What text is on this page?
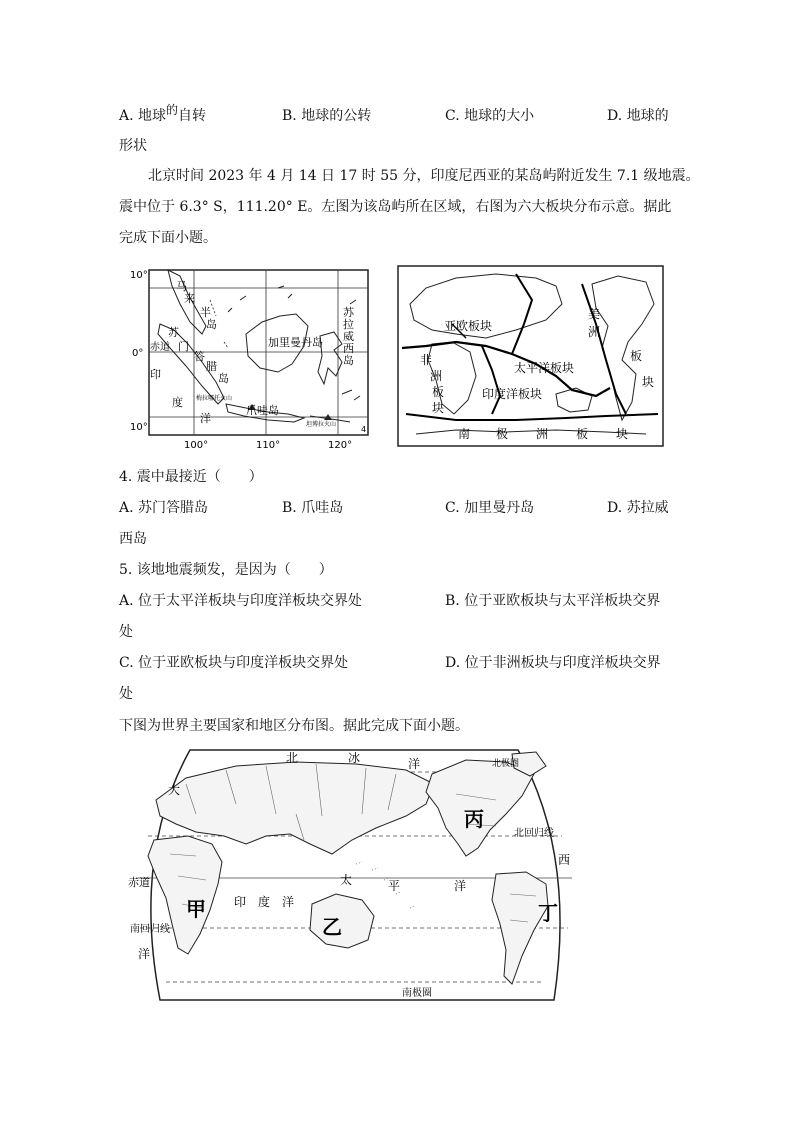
A. 地球的自转	B. 地球的公转	C. 地球的大小	D. 地球的
形状
北京时间 2023 年 4 月 14 日 17 时 55 分，印度尼西亚的某岛屿附近发生 7.1 级地震。
震中位于 6.3° S，111.20° E。左图为该岛屿所在区域，右图为六大板块分布示意。据此
完成下面小题。
10°
0°
10°
100°	110°	120°
马
来
半
岛
苏
门
答
腊
岛
赤道
印
度
洋
加里曼丹岛
苏
拉
威
西
岛
爪哇岛
梅拉哪托火山
坦博拉火山
4
亚欧板块
非
洲
板
块
太平洋板块
印度洋板块
美
洲
板
块
南 极 洲 板 块
4. 震中最接近（　　）
A. 苏门答腊岛	B. 爪哇岛	C. 加里曼丹岛	D. 苏拉威
西岛
5. 该地地震频发，是因为（　　）
A. 位于太平洋板块与印度洋板块交界处	B. 位于亚欧板块与太平洋板块交界
处
C. 位于亚欧板块与印度洋板块交界处	D. 位于非洲板块与印度洋板块交界
处
下图为世界主要国家和地区分布图。据此完成下面小题。
北	冰	洋	北极圈
大
西
赤道
印　度　洋
太	平	洋
北回归线
南回归线
洋
南极圈
甲
乙
丙
丁
